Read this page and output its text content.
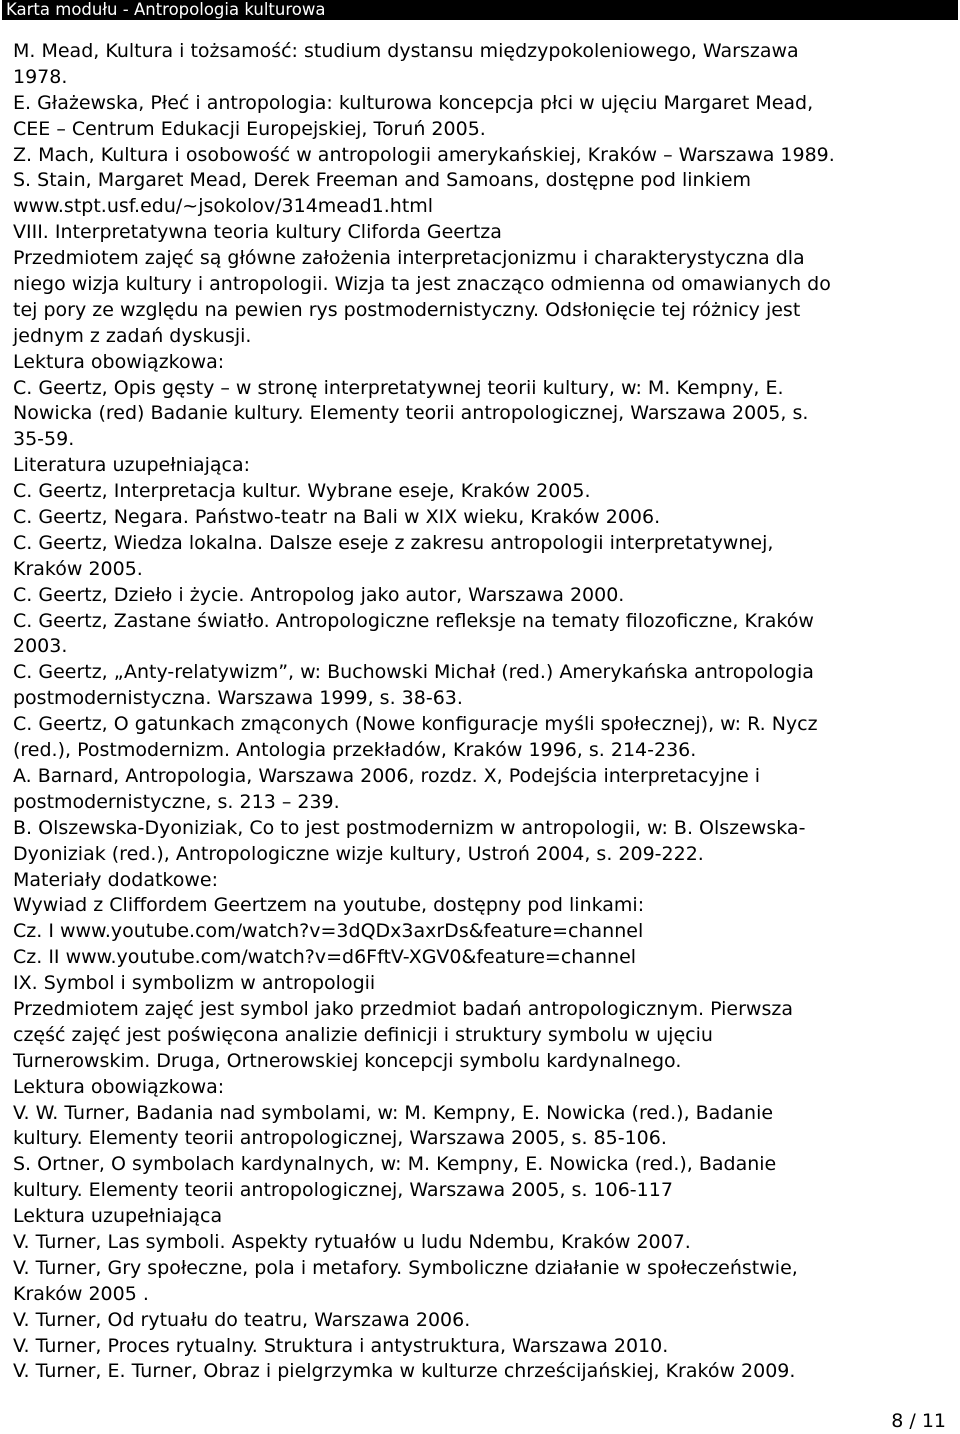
Karta modułu - Antropologia kulturowa
M. Mead, Kultura i tożsamość: studium dystansu międzypokoleniowego, Warszawa
1978.
E. Głażewska, Płeć i antropologia: kulturowa koncepcja płci w ujęciu Margaret Mead,
CEE – Centrum Edukacji Europejskiej, Toruń 2005.
Z. Mach, Kultura i osobowość w antropologii amerykańskiej, Kraków – Warszawa 1989.
S. Stain, Margaret Mead, Derek Freeman and Samoans, dostępne pod linkiem
www.stpt.usf.edu/~jsokolov/314mead1.html
VIII. Interpretatywna teoria kultury Cliforda Geertza
Przedmiotem zajęć są główne założenia interpretacjonizmu i charakterystyczna dla
niego wizja kultury i antropologii. Wizja ta jest znacząco odmienna od omawianych do
tej pory ze względu na pewien rys postmodernistyczny. Odsłonięcie tej różnicy jest
jednym z zadań dyskusji.
Lektura obowiązkowa:
C. Geertz, Opis gęsty – w stronę interpretatywnej teorii kultury, w: M. Kempny, E.
Nowicka (red) Badanie kultury. Elementy teorii antropologicznej, Warszawa 2005, s.
35-59.
Literatura uzupełniająca:
C. Geertz, Interpretacja kultur. Wybrane eseje, Kraków 2005.
C. Geertz, Negara. Państwo-teatr na Bali w XIX wieku, Kraków 2006.
C. Geertz, Wiedza lokalna. Dalsze eseje z zakresu antropologii interpretatywnej,
Kraków 2005.
C. Geertz, Dzieło i życie. Antropolog jako autor, Warszawa 2000.
C. Geertz, Zastane światło. Antropologiczne refleksje na tematy filozoficzne, Kraków
2003.
C. Geertz, „Anty-relatywizm”, w: Buchowski Michał (red.) Amerykańska antropologia
postmodernistyczna. Warszawa 1999, s. 38-63.
C. Geertz, O gatunkach zmąconych (Nowe konfiguracje myśli społecznej), w: R. Nycz
(red.), Postmodernizm. Antologia przekładów, Kraków 1996, s. 214-236.
A. Barnard, Antropologia, Warszawa 2006, rozdz. X, Podejścia interpretacyjne i
postmodernistyczne, s. 213 – 239.
B. Olszewska-Dyoniziak, Co to jest postmodernizm w antropologii, w: B. Olszewska-
Dyoniziak (red.), Antropologiczne wizje kultury, Ustroń 2004, s. 209-222.
Materiały dodatkowe:
Wywiad z Cliffordem Geertzem na youtube, dostępny pod linkami:
Cz. I www.youtube.com/watch?v=3dQDx3axrDs&feature=channel
Cz. II www.youtube.com/watch?v=d6FftV-XGV0&feature=channel
IX. Symbol i symbolizm w antropologii
Przedmiotem zajęć jest symbol jako przedmiot badań antropologicznym. Pierwsza
część zajęć jest poświęcona analizie definicji i struktury symbolu w ujęciu
Turnerowskim. Druga, Ortnerowskiej koncepcji symbolu kardynalnego.
Lektura obowiązkowa:
V. W. Turner, Badania nad symbolami, w: M. Kempny, E. Nowicka (red.), Badanie
kultury. Elementy teorii antropologicznej, Warszawa 2005, s. 85-106.
S. Ortner, O symbolach kardynalnych, w: M. Kempny, E. Nowicka (red.), Badanie
kultury. Elementy teorii antropologicznej, Warszawa 2005, s. 106-117
Lektura uzupełniająca
V. Turner, Las symboli. Aspekty rytuałów u ludu Ndembu, Kraków 2007.
V. Turner, Gry społeczne, pola i metafory. Symboliczne działanie w społeczeństwie,
Kraków 2005 .
V. Turner, Od rytuału do teatru, Warszawa 2006.
V. Turner, Proces rytualny. Struktura i antystruktura, Warszawa 2010.
V. Turner, E. Turner, Obraz i pielgrzymka w kulturze chrześcijańskiej, Kraków 2009.
8 / 11
